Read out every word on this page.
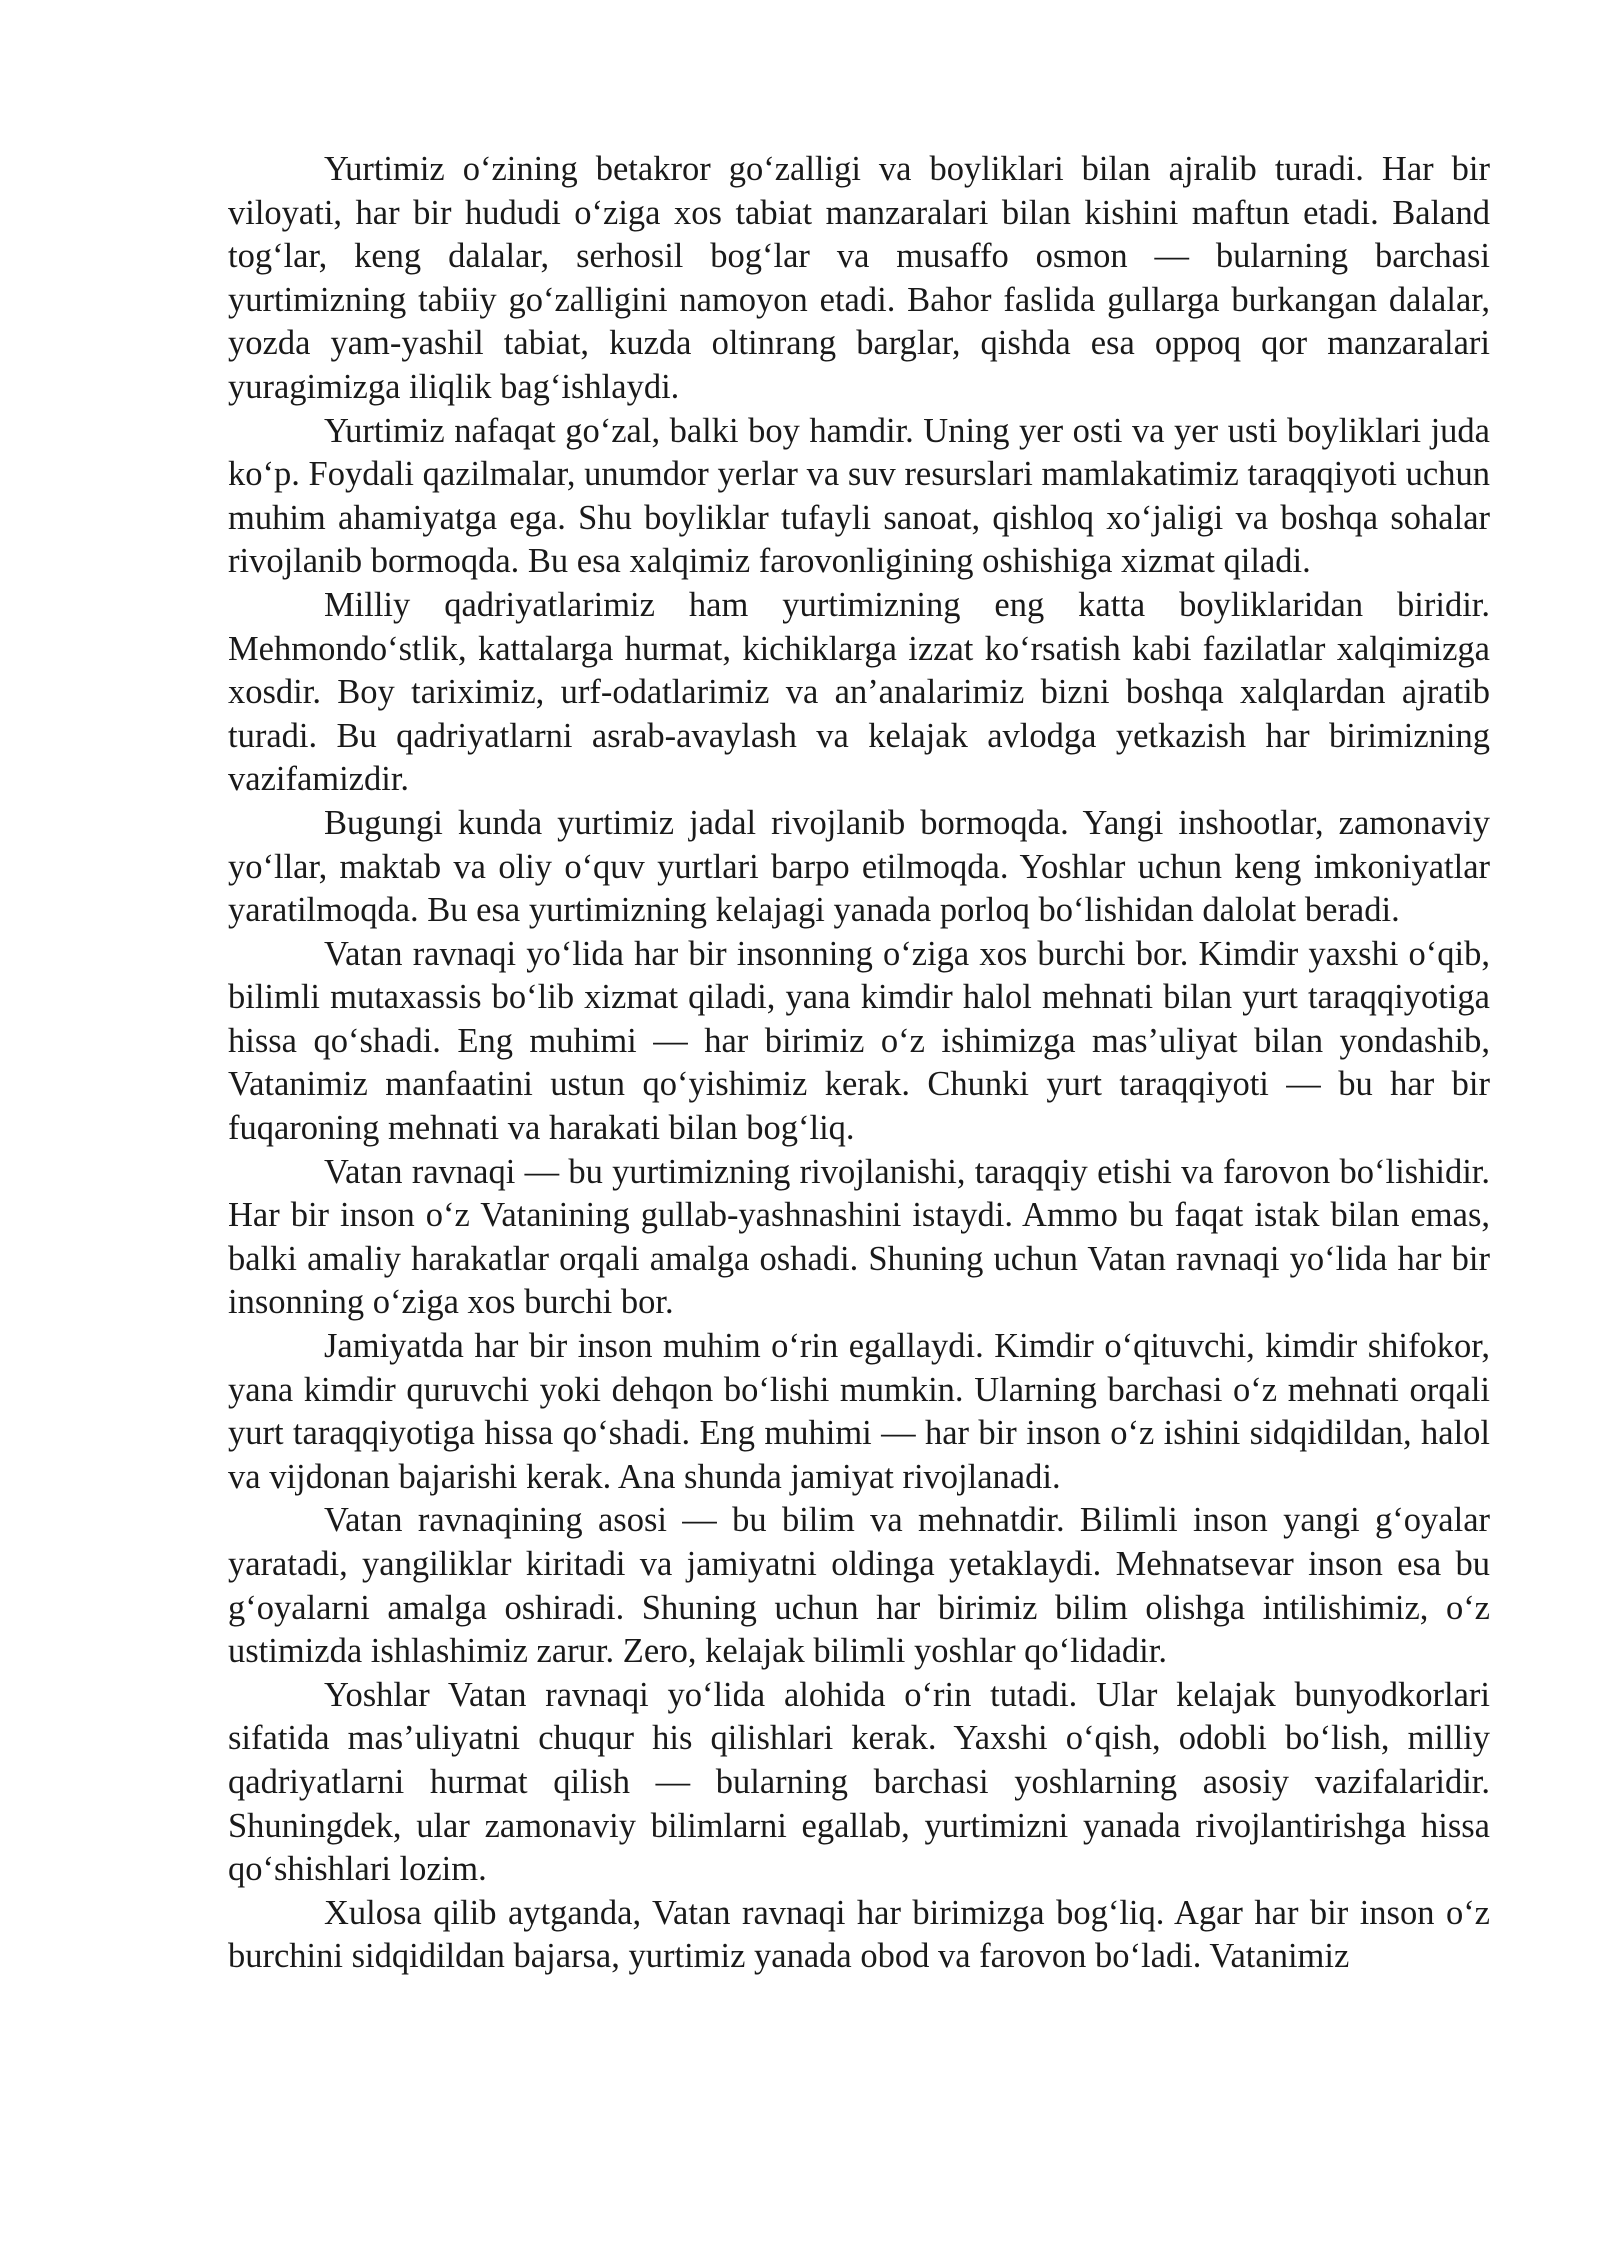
Yurtimiz o‘zining betakror go‘zalligi va boyliklari bilan ajralib turadi. Har bir viloyati, har bir hududi o‘ziga xos tabiat manzaralari bilan kishini maftun etadi. Baland tog‘lar, keng dalalar, serhosil bog‘lar va musaffo osmon — bularning barchasi yurtimizning tabiiy go‘zalligini namoyon etadi. Bahor faslida gullarga burkangan dalalar, yozda yam-yashil tabiat, kuzda oltinrang barglar, qishda esa oppoq qor manzaralari yuragimizga iliqlik bag‘ishlaydi.

Yurtimiz nafaqat go‘zal, balki boy hamdir. Uning yer osti va yer usti boyliklari juda ko‘p. Foydali qazilmalar, unumdor yerlar va suv resurslari mamlakatimiz taraqqiyoti uchun muhim ahamiyatga ega. Shu boyliklar tufayli sanoat, qishloq xo‘jaligi va boshqa sohalar rivojlanib bormoqda. Bu esa xalqimiz farovonligining oshishiga xizmat qiladi.

Milliy qadriyatlarimiz ham yurtimizning eng katta boyliklaridan biridir. Mehmondo‘stlik, kattalarga hurmat, kichiklarga izzat ko‘rsatish kabi fazilatlar xalqimizga xosdir. Boy tariximiz, urf-odatlarimiz va an’analarimiz bizni boshqa xalqlardan ajratib turadi. Bu qadriyatlarni asrab-avaylash va kelajak avlodga yetkazish har birimizning vazifamizdir.

Bugungi kunda yurtimiz jadal rivojlanib bormoqda. Yangi inshootlar, zamonaviy yo‘llar, maktab va oliy o‘quv yurtlari barpo etilmoqda. Yoshlar uchun keng imkoniyatlar yaratilmoqda. Bu esa yurtimizning kelajagi yanada porloq bo‘lishidan dalolat beradi.

Vatan ravnaqi yo‘lida har bir insonning o‘ziga xos burchi bor. Kimdir yaxshi o‘qib, bilimli mutaxassis bo‘lib xizmat qiladi, yana kimdir halol mehnati bilan yurt taraqqiyotiga hissa qo‘shadi. Eng muhimi — har birimiz o‘z ishimizga mas’uliyat bilan yondashib, Vatanimiz manfaatini ustun qo‘yishimiz kerak. Chunki yurt taraqqiyoti — bu har bir fuqaroning mehnati va harakati bilan bog‘liq.

Vatan ravnaqi — bu yurtimizning rivojlanishi, taraqqiy etishi va farovon bo‘lishidir. Har bir inson o‘z Vatanining gullab-yashnashini istaydi. Ammo bu faqat istak bilan emas, balki amaliy harakatlar orqali amalga oshadi. Shuning uchun Vatan ravnaqi yo‘lida har bir insonning o‘ziga xos burchi bor.

Jamiyatda har bir inson muhim o‘rin egallaydi. Kimdir o‘qituvchi, kimdir shifokor, yana kimdir quruvchi yoki dehqon bo‘lishi mumkin. Ularning barchasi o‘z mehnati orqali yurt taraqqiyotiga hissa qo‘shadi. Eng muhimi — har bir inson o‘z ishini sidqidildan, halol va vijdonan bajarishi kerak. Ana shunda jamiyat rivojlanadi.

Vatan ravnaqining asosi — bu bilim va mehnatdir. Bilimli inson yangi g‘oyalar yaratadi, yangiliklar kiritadi va jamiyatni oldinga yetaklaydi. Mehnatsevar inson esa bu g‘oyalarni amalga oshiradi. Shuning uchun har birimiz bilim olishga intilishimiz, o‘z ustimizda ishlashimiz zarur. Zero, kelajak bilimli yoshlar qo‘lidadir.

Yoshlar Vatan ravnaqi yo‘lida alohida o‘rin tutadi. Ular kelajak bunyodkorlari sifatida mas’uliyatni chuqur his qilishlari kerak. Yaxshi o‘qish, odobli bo‘lish, milliy qadriyatlarni hurmat qilish — bularning barchasi yoshlarning asosiy vazifalaridir. Shuningdek, ular zamonaviy bilimlarni egallab, yurtimizni yanada rivojlantirishga hissa qo‘shishlari lozim.

Xulosa qilib aytganda, Vatan ravnaqi har birimizga bog‘liq. Agar har bir inson o‘z burchini sidqidildan bajarsa, yurtimiz yanada obod va farovon bo‘ladi. Vatanimiz
